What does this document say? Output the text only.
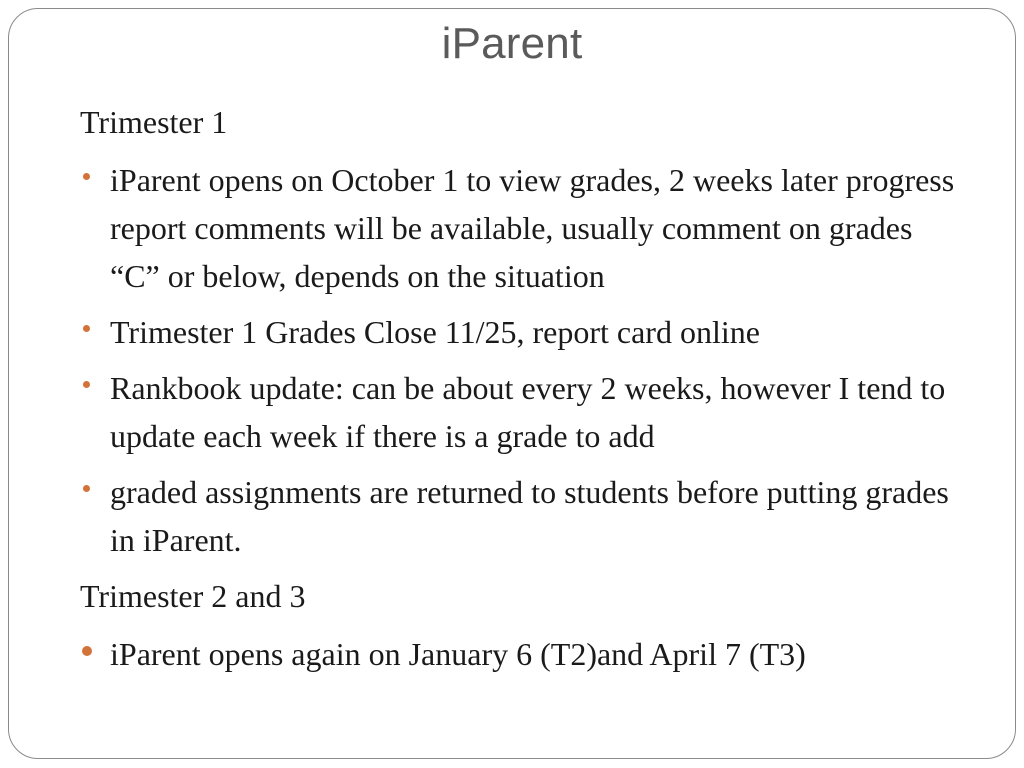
iParent
Trimester 1
iParent opens on October 1 to view grades, 2 weeks later progress report comments will be available, usually comment on grades “C” or below, depends on the situation
Trimester 1 Grades Close 11/25, report card online
Rankbook update: can be about every 2 weeks, however I tend to update each week if there is a grade to add
graded assignments are returned to students before putting grades in iParent.
Trimester 2 and 3
iParent opens again on January 6 (T2)and April 7 (T3)
